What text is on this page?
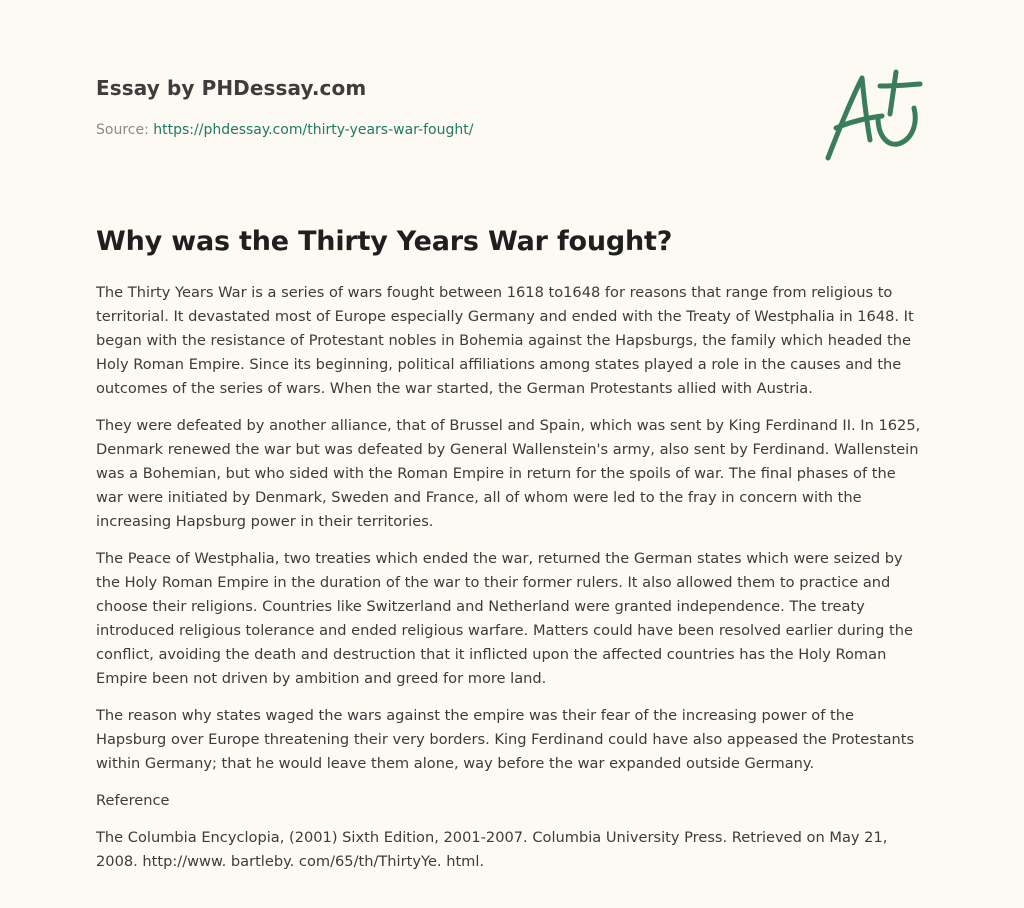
Essay by PHDessay.com
Source: https://phdessay.com/thirty-years-war-fought/
Why was the Thirty Years War fought?

The Thirty Years War is a series of wars fought between 1618 to1648 for reasons that range from religious to territorial. It devastated most of Europe especially Germany and ended with the Treaty of Westphalia in 1648. It began with the resistance of Protestant nobles in Bohemia against the Hapsburgs, the family which headed the Holy Roman Empire. Since its beginning, political affiliations among states played a role in the causes and the outcomes of the series of wars. When the war started, the German Protestants allied with Austria.

They were defeated by another alliance, that of Brussel and Spain, which was sent by King Ferdinand II. In 1625, Denmark renewed the war but was defeated by General Wallenstein's army, also sent by Ferdinand. Wallenstein was a Bohemian, but who sided with the Roman Empire in return for the spoils of war. The final phases of the war were initiated by Denmark, Sweden and France, all of whom were led to the fray in concern with the increasing Hapsburg power in their territories.

The Peace of Westphalia, two treaties which ended the war, returned the German states which were seized by the Holy Roman Empire in the duration of the war to their former rulers. It also allowed them to practice and choose their religions. Countries like Switzerland and Netherland were granted independence. The treaty introduced religious tolerance and ended religious warfare. Matters could have been resolved earlier during the conflict, avoiding the death and destruction that it inflicted upon the affected countries has the Holy Roman Empire been not driven by ambition and greed for more land.

The reason why states waged the wars against the empire was their fear of the increasing power of the Hapsburg over Europe threatening their very borders. King Ferdinand could have also appeased the Protestants within Germany; that he would leave them alone, way before the war expanded outside Germany.

Reference

The Columbia Encyclopia, (2001) Sixth Edition, 2001-2007. Columbia University Press. Retrieved on May 21, 2008. http://www. bartleby. com/65/th/ThirtyYe. html.
